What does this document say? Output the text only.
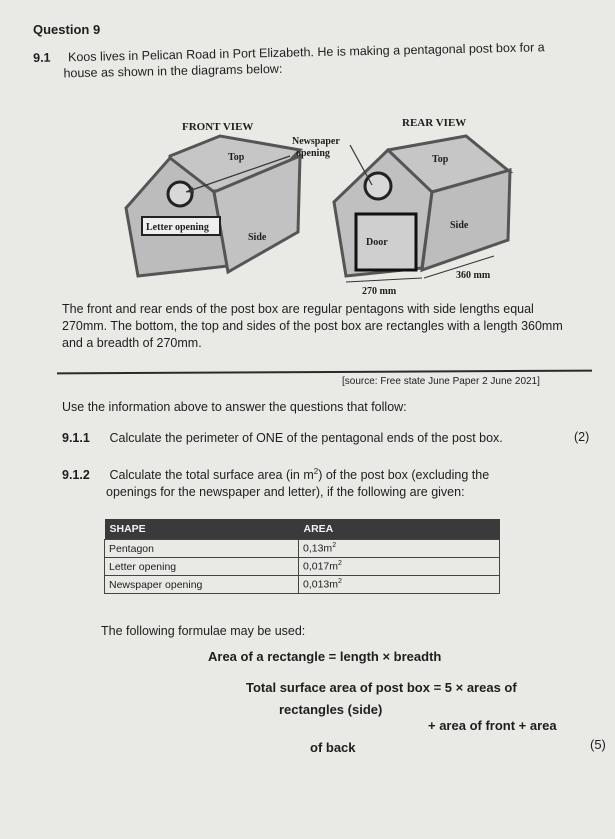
Question 9
9.1 Koos lives in Pelican Road in Port Elizabeth. He is making a pentagonal post box for a
house as shown in the diagrams below:
Letter opening
Top
Side
FRONT VIEW
Newspaper
opening
Door
Top
Side
REAR VIEW
270 mm
360 mm
The front and rear ends of the post box are regular pentagons with side lengths equal
270mm. The bottom, the top and sides of the post box are rectangles with a length 360mm
and a breadth of 270mm.
[source: Free state June Paper 2 June 2021]
Use the information above to answer the questions that follow:
9.1.1 Calculate the perimeter of ONE of the pentagonal ends of the post box.	(2)
9.1.2 Calculate the total surface area (in $m^2$) of the post box (excluding the
openings for the newspaper and letter), if the following are given:
SHAPE	AREA
Pentagon	$0,13m^2$
Letter opening	$0,017m^2$
Newspaper opening	$0,013m^2$
The following formulae may be used:
Area of a rectangle = length × breadth
Total surface area of post box = 5 × areas of
rectangles (side)
+ area of front + area
of back	(5)
